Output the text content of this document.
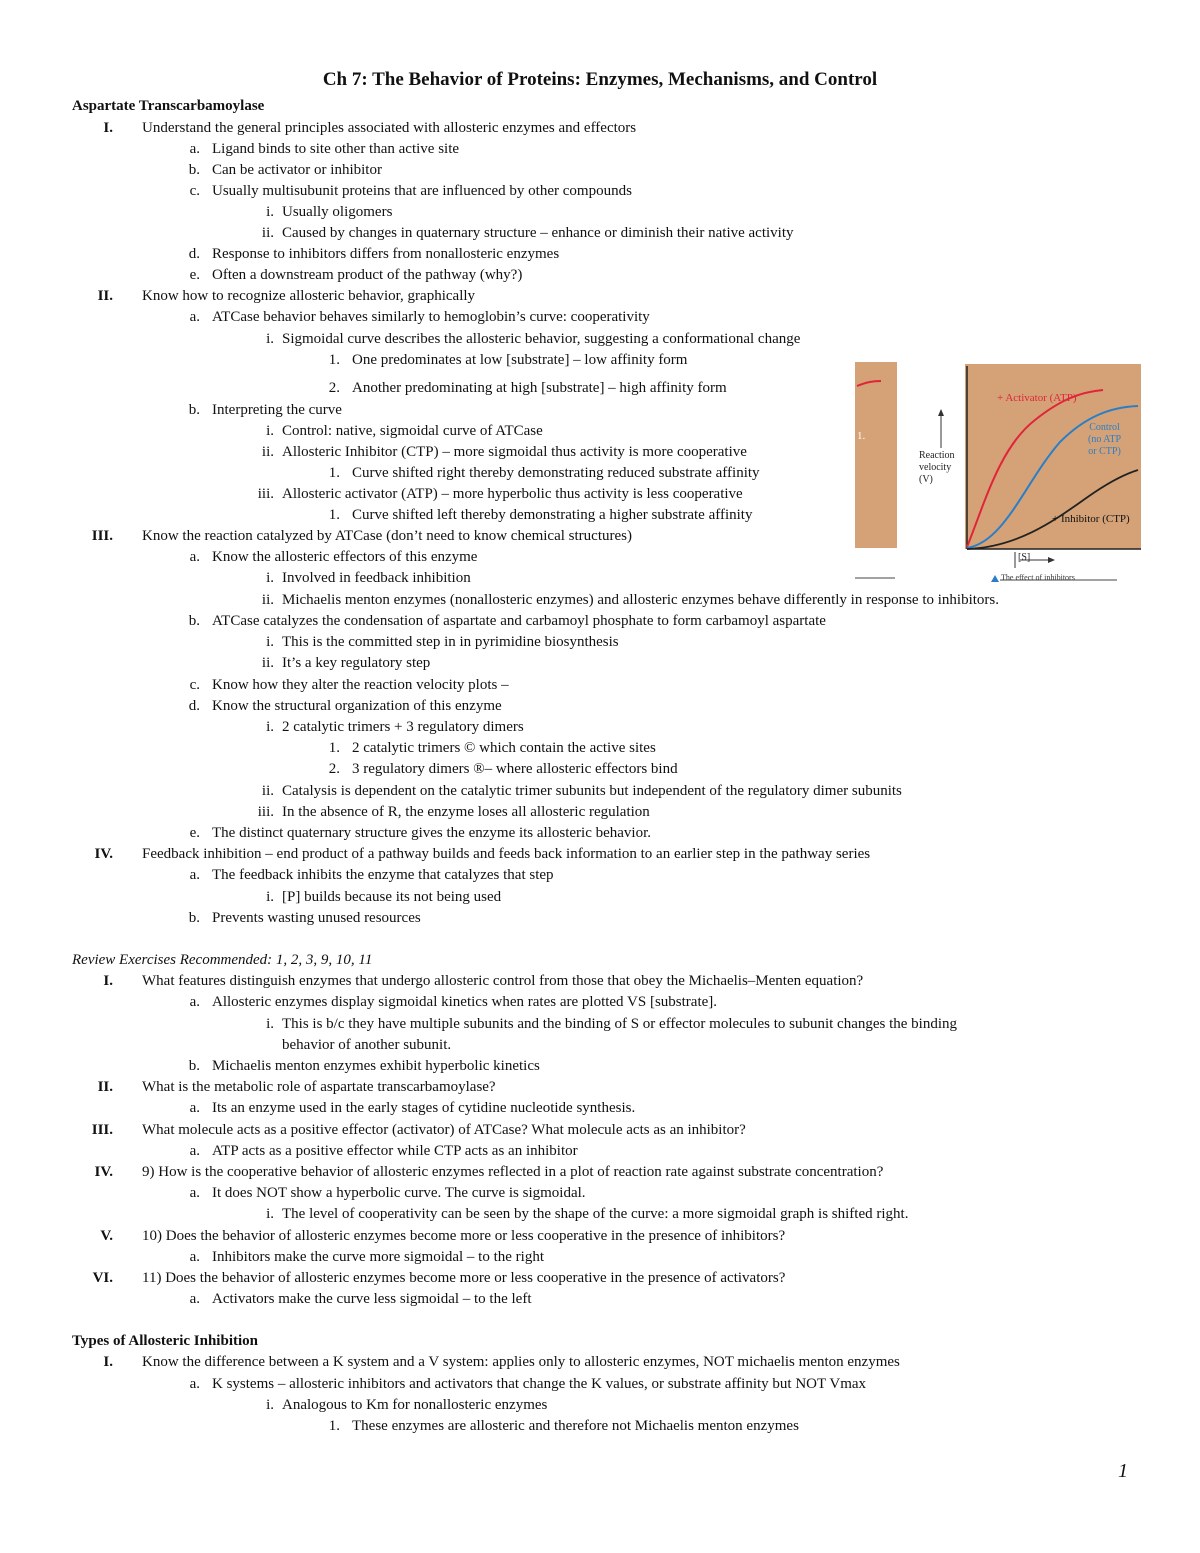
Ch 7: The Behavior of Proteins: Enzymes, Mechanisms, and Control
Aspartate Transcarbamoylase
I. Understand the general principles associated with allosteric enzymes and effectors
a. Ligand binds to site other than active site
b. Can be activator or inhibitor
c. Usually multisubunit proteins that are influenced by other compounds
i. Usually oligomers
ii. Caused by changes in quaternary structure – enhance or diminish their native activity
d. Response to inhibitors differs from nonallosteric enzymes
e. Often a downstream product of the pathway (why?)
II. Know how to recognize allosteric behavior, graphically
a. ATCase behavior behaves similarly to hemoglobin’s curve: cooperativity
i. Sigmoidal curve describes the allosteric behavior, suggesting a conformational change
1. One predominates at low [substrate] – low affinity form
2. Another predominating at high [substrate] – high affinity form
b. Interpreting the curve
i. Control: native, sigmoidal curve of ATCase
ii. Allosteric Inhibitor (CTP) – more sigmoidal thus activity is more cooperative
1. Curve shifted right thereby demonstrating reduced substrate affinity
iii. Allosteric activator (ATP) – more hyperbolic thus activity is less cooperative
1. Curve shifted left thereby demonstrating a higher substrate affinity
III. Know the reaction catalyzed by ATCase (don’t need to know chemical structures)
a. Know the allosteric effectors of this enzyme
i. Involved in feedback inhibition
ii. Michaelis menton enzymes (nonallosteric enzymes) and allosteric enzymes behave differently in response to inhibitors.
b. ATCase catalyzes the condensation of aspartate and carbamoyl phosphate to form carbamoyl aspartate
i. This is the committed step in in pyrimidine biosynthesis
ii. It’s a key regulatory step
c. Know how they alter the reaction velocity plots –
d. Know the structural organization of this enzyme
i. 2 catalytic trimers + 3 regulatory dimers
1. 2 catalytic trimers © which contain the active sites
2. 3 regulatory dimers ®– where allosteric effectors bind
ii. Catalysis is dependent on the catalytic trimer subunits but independent of the regulatory dimer subunits
iii. In the absence of R, the enzyme loses all allosteric regulation
e. The distinct quaternary structure gives the enzyme its allosteric behavior.
IV. Feedback inhibition – end product of a pathway builds and feeds back information to an earlier step in the pathway series
a. The feedback inhibits the enzyme that catalyzes that step
i. [P] builds because its not being used
b. Prevents wasting unused resources
Review Exercises Recommended: 1, 2, 3, 9, 10, 11
I. What features distinguish enzymes that undergo allosteric control from those that obey the Michaelis–Menten equation?
a. Allosteric enzymes display sigmoidal kinetics when rates are plotted VS [substrate].
i. This is b/c they have multiple subunits and the binding of S or effector molecules to subunit changes the binding
behavior of another subunit.
b. Michaelis menton enzymes exhibit hyperbolic kinetics
II. What is the metabolic role of aspartate transcarbamoylase?
a. Its an enzyme used in the early stages of cytidine nucleotide synthesis.
III. What molecule acts as a positive effector (activator) of ATCase? What molecule acts as an inhibitor?
a. ATP acts as a positive effector while CTP acts as an inhibitor
IV. 9) How is the cooperative behavior of allosteric enzymes reflected in a plot of reaction rate against substrate concentration?
a. It does NOT show a hyperbolic curve. The curve is sigmoidal.
i. The level of cooperativity can be seen by the shape of the curve: a more sigmoidal graph is shifted right.
V. 10) Does the behavior of allosteric enzymes become more or less cooperative in the presence of inhibitors?
a. Inhibitors make the curve more sigmoidal – to the right
VI. 11) Does the behavior of allosteric enzymes become more or less cooperative in the presence of activators?
a. Activators make the curve less sigmoidal – to the left
Types of Allosteric Inhibition
I. Know the difference between a K system and a V system: applies only to allosteric enzymes, NOT michaelis menton enzymes
a. K systems – allosteric inhibitors and activators that change the K values, or substrate affinity but NOT Vmax
i. Analogous to Km for nonallosteric enzymes
1. These enzymes are allosteric and therefore not Michaelis menton enzymes
1.
+ Activator (ATP)
Control
(no ATP
or CTP)
+ Inhibitor (CTP)
Reaction
velocity
(V)
[S]
The effect of inhibitors
1
